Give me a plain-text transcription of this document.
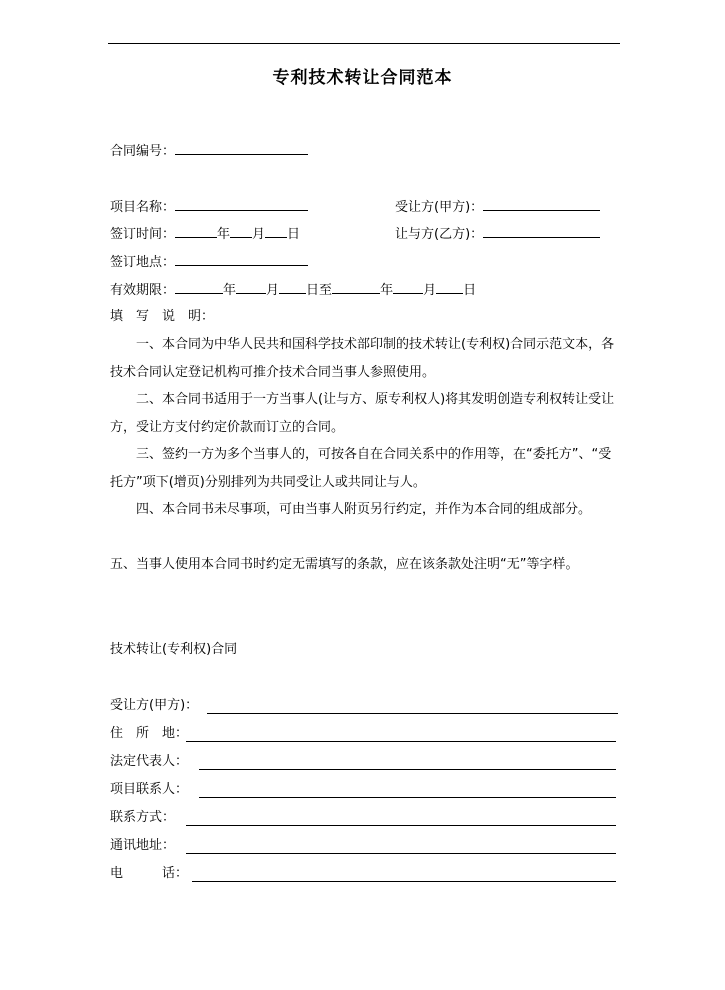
专利技术转让合同范本
合同编号：
项目名称：	受让方(甲方)：
签订时间：	年 月 日	让与方(乙方)：
签订地点：
有效期限：	年 月 日至	年 月 日
填　写　说　明：
一、本合同为中华人民共和国科学技术部印制的技术转让(专利权)合同示范文本，各技术合同认定登记机构可推介技术合同当事人参照使用。
二、本合同书适用于一方当事人(让与方、原专利权人)将其发明创造专利权转让受让方，受让方支付约定价款而订立的合同。
三、签约一方为多个当事人的，可按各自在合同关系中的作用等，在“委托方”、“受托方”项下(增页)分别排列为共同受让人或共同让与人。
四、本合同书未尽事项，可由当事人附页另行约定，并作为本合同的组成部分。
五、当事人使用本合同书时约定无需填写的条款，应在该条款处注明“无”等字样。
技术转让(专利权)合同
受让方(甲方)：
住　所　地：
法定代表人：
项目联系人：
联系方式：
通讯地址：
电　　　话：
